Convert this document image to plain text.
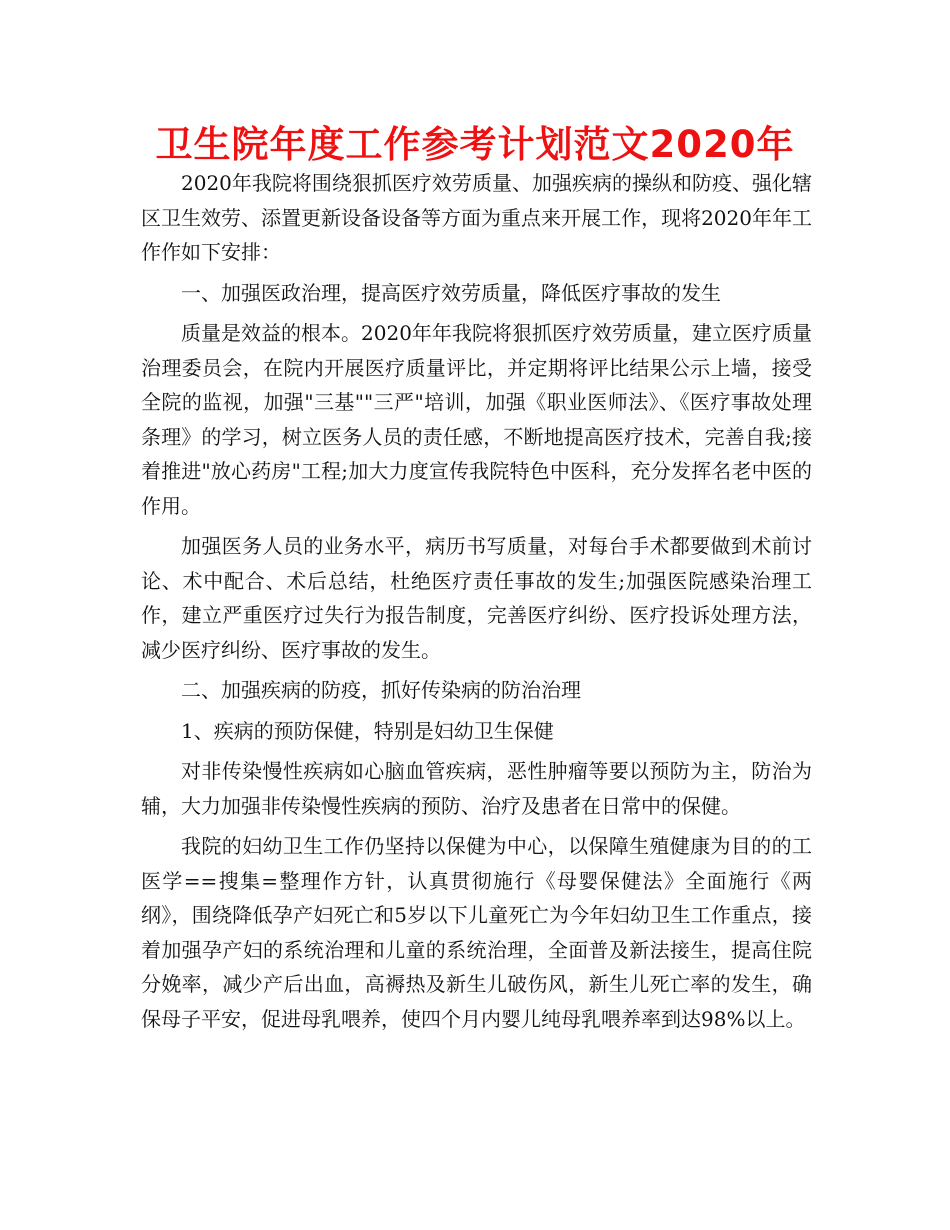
卫生院年度工作参考计划范文2020年

2020年我院将围绕狠抓医疗效劳质量、加强疾病的操纵和防疫、强化辖区卫生效劳、添置更新设备设备等方面为重点来开展工作，现将2020年年工作作如下安排：

一、加强医政治理，提高医疗效劳质量，降低医疗事故的发生

质量是效益的根本。2020年年我院将狠抓医疗效劳质量，建立医疗质量治理委员会，在院内开展医疗质量评比，并定期将评比结果公示上墙，接受全院的监视，加强"三基""三严"培训，加强《职业医师法》、《医疗事故处理条理》的学习，树立医务人员的责任感，不断地提高医疗技术，完善自我;接着推进"放心药房"工程;加大力度宣传我院特色中医科，充分发挥名老中医的作用。

加强医务人员的业务水平，病历书写质量，对每台手术都要做到术前讨论、术中配合、术后总结，杜绝医疗责任事故的发生;加强医院感染治理工作，建立严重医疗过失行为报告制度，完善医疗纠纷、医疗投诉处理方法，减少医疗纠纷、医疗事故的发生。

二、加强疾病的防疫，抓好传染病的防治治理

1、疾病的预防保健，特别是妇幼卫生保健

对非传染慢性疾病如心脑血管疾病，恶性肿瘤等要以预防为主，防治为辅，大力加强非传染慢性疾病的预防、治疗及患者在日常中的保健。

我院的妇幼卫生工作仍坚持以保健为中心，以保障生殖健康为目的的工医学==搜集=整理作方针，认真贯彻施行《母婴保健法》全面施行《两纲》，围绕降低孕产妇死亡和5岁以下儿童死亡为今年妇幼卫生工作重点，接着加强孕产妇的系统治理和儿童的系统治理，全面普及新法接生，提高住院分娩率，减少产后出血，高褥热及新生儿破伤风，新生儿死亡率的发生，确保母子平安，促进母乳喂养，使四个月内婴儿纯母乳喂养率到达98%以上。
